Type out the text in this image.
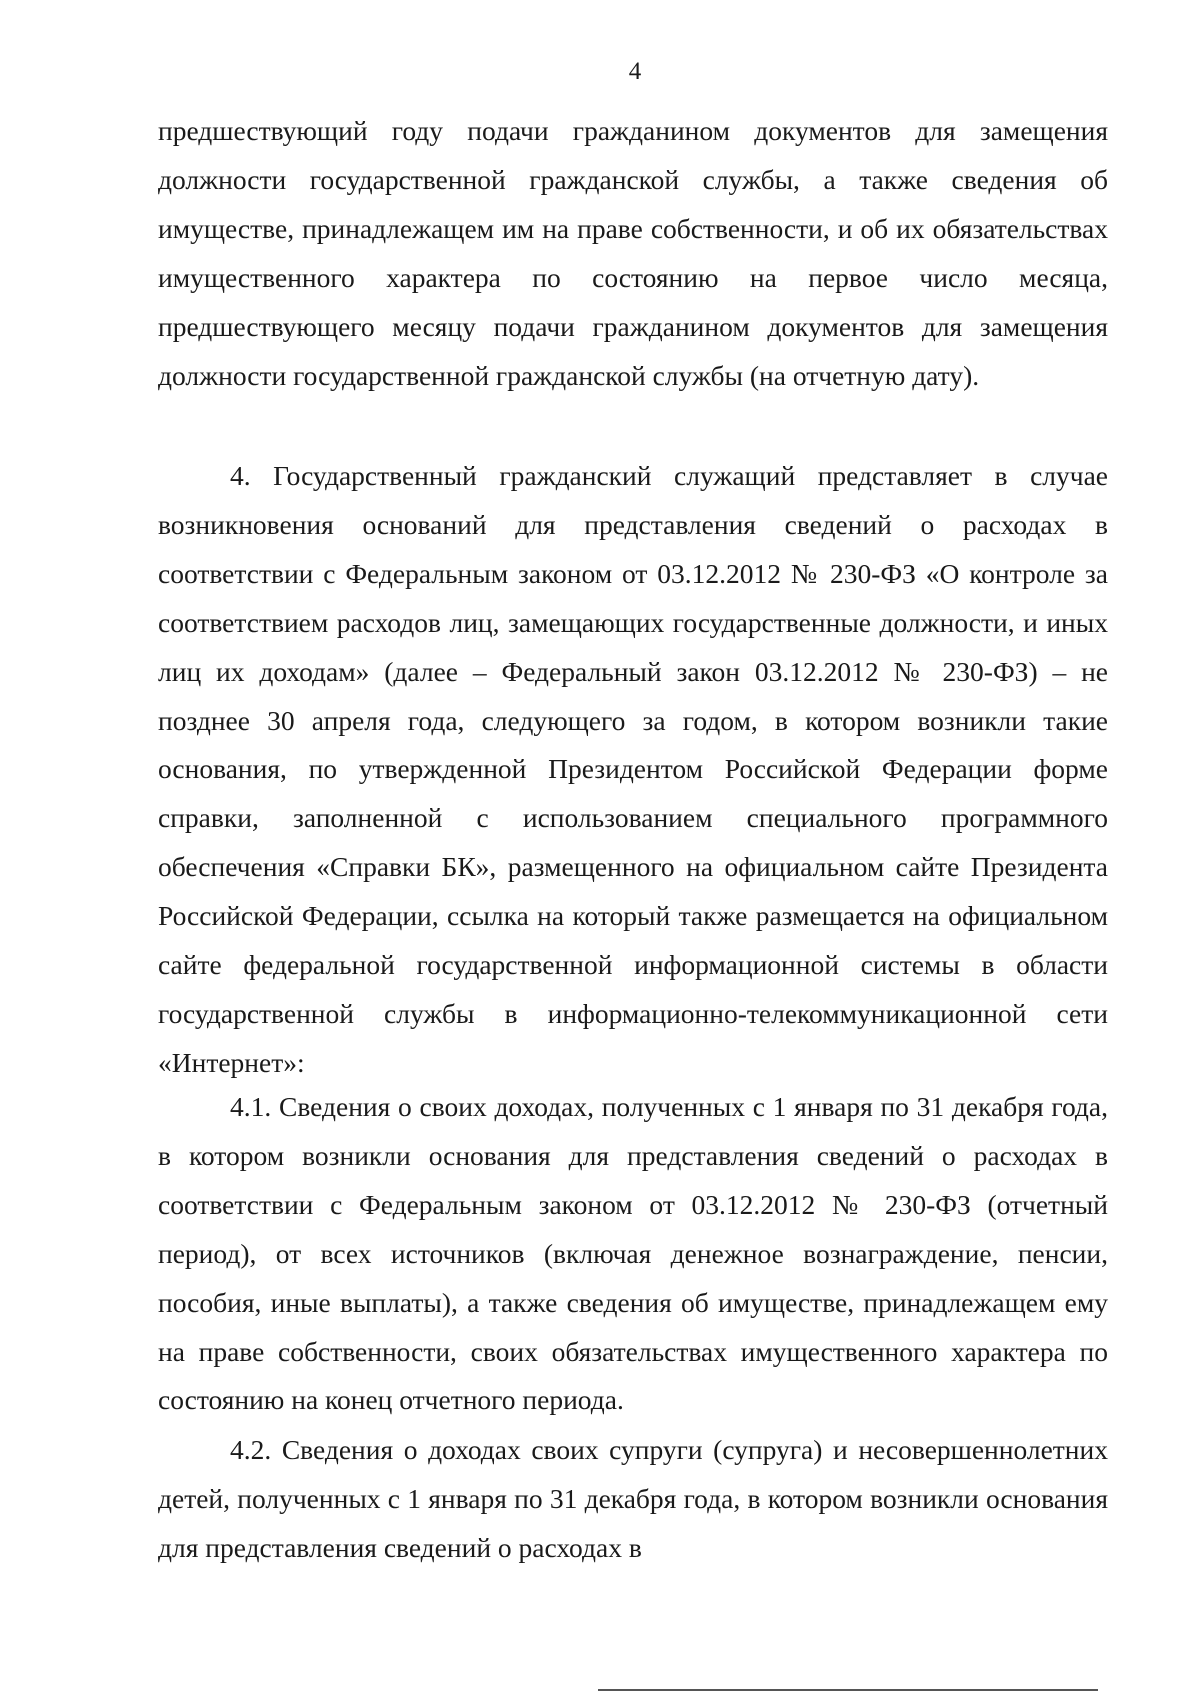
4

предшествующий году подачи гражданином документов для замещения должности государственной гражданской службы, а также сведения об имуществе, принадлежащем им на праве собственности, и об их обязательствах имущественного характера по состоянию на первое число месяца, предшествующего месяцу подачи гражданином документов для замещения должности государственной гражданской службы (на отчетную дату).

4. Государственный гражданский служащий представляет в случае возникновения оснований для представления сведений о расходах в соответствии с Федеральным законом от 03.12.2012 № 230-ФЗ «О контроле за соответствием расходов лиц, замещающих государственные должности, и иных лиц их доходам» (далее – Федеральный закон 03.12.2012 № 230-ФЗ) – не позднее 30 апреля года, следующего за годом, в котором возникли такие основания, по утвержденной Президентом Российской Федерации форме справки, заполненной с использованием специального программного обеспечения «Справки БК», размещенного на официальном сайте Президента Российской Федерации, ссылка на который также размещается на официальном сайте федеральной государственной информационной системы в области государственной службы в информационно-телекоммуникационной сети «Интернет»:

4.1. Сведения о своих доходах, полученных с 1 января по 31 декабря года, в котором возникли основания для представления сведений о расходах в соответствии с Федеральным законом от 03.12.2012 № 230-ФЗ (отчетный период), от всех источников (включая денежное вознаграждение, пенсии, пособия, иные выплаты), а также сведения об имуществе, принадлежащем ему на праве собственности, своих обязательствах имущественного характера по состоянию на конец отчетного периода.

4.2. Сведения о доходах своих супруги (супруга) и несовершеннолетних детей, полученных с 1 января по 31 декабря года, в котором возникли основания для представления сведений о расходах в
